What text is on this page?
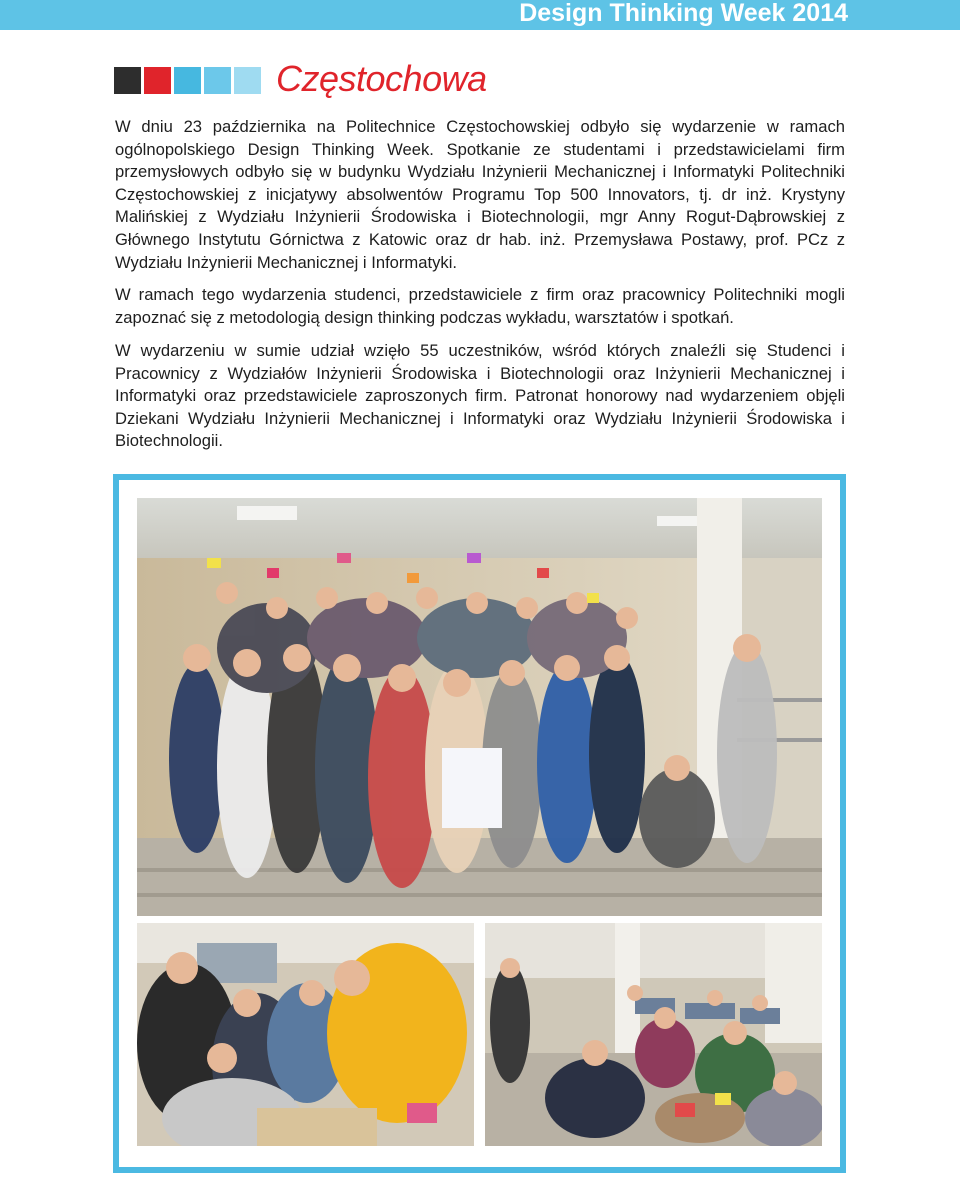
Design Thinking Week 2014
Częstochowa

W dniu 23 października na Politechnice Częstochowskiej odbyło się wydarzenie w ramach ogólnopolskiego Design Thinking Week. Spotkanie ze studentami i przedstawicielami firm przemysłowych odbyło się w budynku Wydziału Inżynierii Mechanicznej i Informatyki Politechniki Częstochowskiej z inicjatywy absolwentów Programu Top 500 Innovators, tj. dr inż. Krystyny Malińskiej z Wydziału Inżynierii Środowiska i Biotechnologii, mgr Anny Rogut-Dąbrowskiej z Głównego Instytutu Górnictwa z Katowic oraz dr hab. inż. Przemysława Postawy, prof. PCz z Wydziału Inżynierii Mechanicznej i Informatyki.

W ramach tego wydarzenia studenci, przedstawiciele z firm oraz pracownicy Politechniki mogli zapoznać się z metodologią design thinking podczas wykładu, warsztatów i spotkań.

W wydarzeniu w sumie udział wzięło 55 uczestników, wśród których znaleźli się Studenci i Pracownicy z Wydziałów Inżynierii Środowiska i Biotechnologii oraz Inżynierii Mechanicznej i Informatyki oraz przedstawiciele zaproszonych firm. Patronat honorowy nad wydarzeniem objęli Dziekani Wydziału Inżynierii Mechanicznej i Informatyki oraz Wydziału Inżynierii Środowiska i Biotechnologii.
